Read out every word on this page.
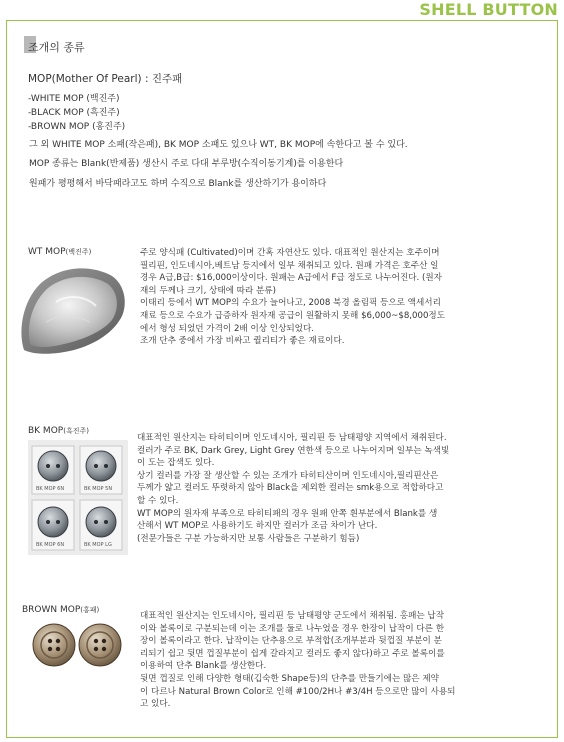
SHELL BUTTON
조개의 종류
MOP(Mother Of Pearl) : 진주패
-WHITE MOP (백진주)
-BLACK MOP (흑진주)
-BROWN MOP (홍진주)
그 외 WHITE MOP 소패(작은패), BK MOP 소패도 있으나 WT, BK MOP에 속한다고 볼 수 있다.
MOP 종류는 Blank(반제품) 생산시 주로 다대 부루방(수직이동기계)를 이용한다
원패가 평평해서 바닥패라고도 하며 수직으로 Blank를 생산하기가 용이하다
WT MOP(백진주)	주로 양식패 (Cultivated)이며 간혹 자연산도 있다. 대표적인 원산지는 호주이며
필리핀, 인도네시아,베트남 등지에서 일부 채취되고 있다. 원패 가격은 호주산 일
경우 A급,B급: $16,000이상이다. 원패는 A급에서 F급 정도로 나누어진다. (원자
재의 두께나 크기, 상태에 따라 분류)
이태리 등에서 WT MOP의 수요가 늘어나고, 2008 북경 올림픽 등으로 액세서리
재료 등으로 수요가 급증하자 원자재 공급이 원활하지 못해 $6,000~$8,000정도
에서 형성 되었던 가격이 2배 이상 인상되었다.
조개 단추 중에서 가장 비싸고 퀄리티가 좋은 재료이다.
BK MOP(흑진주)
BK MOP 6N	BK MOP 5N
BK MOP 6N	BK MOP LG
대표적인 원산지는 타히티이며 인도네시아, 필리핀 등 남태평양 지역에서 채취된다.
컬러가 주로 BK, Dark Grey, Light Grey 연한색 등으로 나누어지며 일부는 녹색빛
이 도는 잡색도 있다.
상기 컬러를 가장 잘 생산할 수 있는 조개가 타히티산이며 인도네시아,필리핀산은
두께가 얇고 컬러도 뚜렷하지 않아 Black을 제외한 컬러는 smk용으로 적합하다고
할 수 있다.
WT MOP의 원자재 부족으로 타히티패의 경우 원패 안쪽 흰부분에서 Blank를 생
산해서 WT MOP로 사용하기도 하지만 컬러가 조금 차이가 난다.
(전문가들은 구분 가능하지만 보통 사람들은 구분하기 힘듬)
BROWN MOP(홍패)
대표적인 원산지는 인도네시아, 필리핀 등 남태평양 군도에서 채취됨. 홍패는 납작
이와 볼록이로 구분되는데 이는 조개를 둘로 나누었을 경우 한장이 납작이 다른 한
장이 볼록이라고 한다. 납작이는 단추용으로 부적합(조개부분과 뒷껍질 부분이 분
리되기 쉽고 뒷면 껍질부분이 쉽게 갈라지고 컬러도 좋지 않다)하고 주로 볼록이를
이용하여 단추 Blank를 생산한다.
뒷면 껍질로 인해 다양한 형태(깁숙한 Shape등)의 단추를 만들기에는 많은 제약
이 다르나 Natural Brown Color로 인해 #100/2H나 #3/4H 등으로만 많이 사용되
고 있다.
